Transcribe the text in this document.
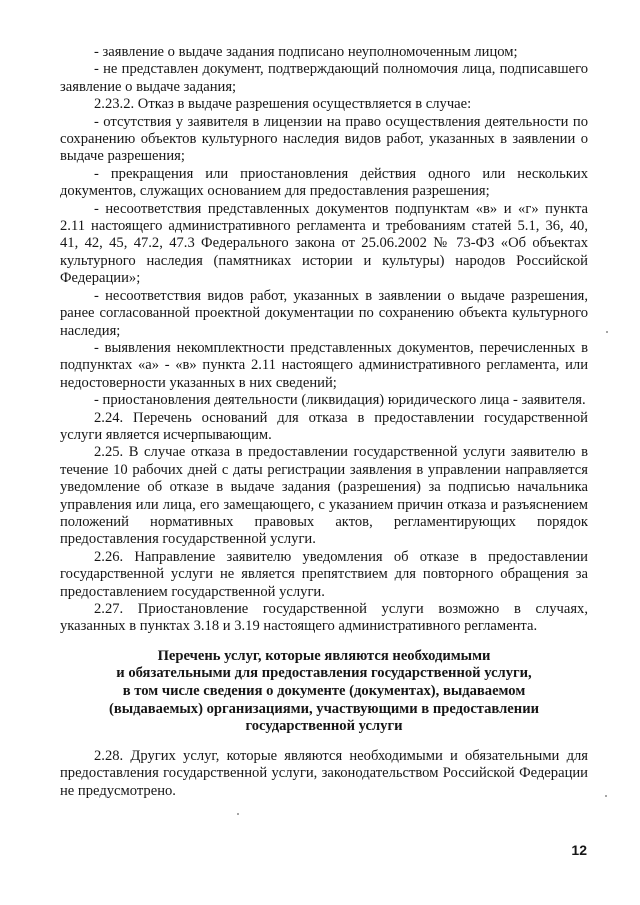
- заявление о выдаче задания подписано неуполномоченным лицом;

- не представлен документ, подтверждающий полномочия лица, подписавшего заявление о выдаче задания;

2.23.2. Отказ в выдаче разрешения осуществляется в случае:

- отсутствия у заявителя в лицензии на право осуществления деятельности по сохранению объектов культурного наследия видов работ, указанных в заявлении о выдаче разрешения;

- прекращения или приостановления действия одного или нескольких документов, служащих основанием для предоставления разрешения;

- несоответствия представленных документов подпунктам «в» и «г» пункта 2.11 настоящего административного регламента и требованиям статей 5.1, 36, 40, 41, 42, 45, 47.2, 47.3 Федерального закона от 25.06.2002 № 73-ФЗ «Об объектах культурного наследия (памятниках истории и культуры) народов Российской Федерации»;

- несоответствия видов работ, указанных в заявлении о выдаче разрешения, ранее согласованной проектной документации по сохранению объекта культурного наследия;

- выявления некомплектности представленных документов, перечисленных в подпунктах «а» - «в» пункта 2.11 настоящего административного регламента, или недостоверности указанных в них сведений;

- приостановления деятельности (ликвидация) юридического лица - заявителя.

2.24. Перечень оснований для отказа в предоставлении государственной услуги является исчерпывающим.

2.25. В случае отказа в предоставлении государственной услуги заявителю в течение 10 рабочих дней с даты регистрации заявления в управлении направляется уведомление об отказе в выдаче задания (разрешения) за подписью начальника управления или лица, его замещающего, с указанием причин отказа и разъяснением положений нормативных правовых актов, регламентирующих порядок предоставления государственной услуги.

2.26. Направление заявителю уведомления об отказе в предоставлении государственной услуги не является препятствием для повторного обращения за предоставлением государственной услуги.

2.27. Приостановление государственной услуги возможно в случаях, указанных в пунктах 3.18 и 3.19 настоящего административного регламента.

Перечень услуг, которые являются необходимыми
и обязательными для предоставления государственной услуги,
в том числе сведения о документе (документах), выдаваемом
(выдаваемых) организациями, участвующими в предоставлении
государственной услуги

2.28. Других услуг, которые являются необходимыми и обязательными для предоставления государственной услуги, законодательством Российской Федерации не предусмотрено.

12
